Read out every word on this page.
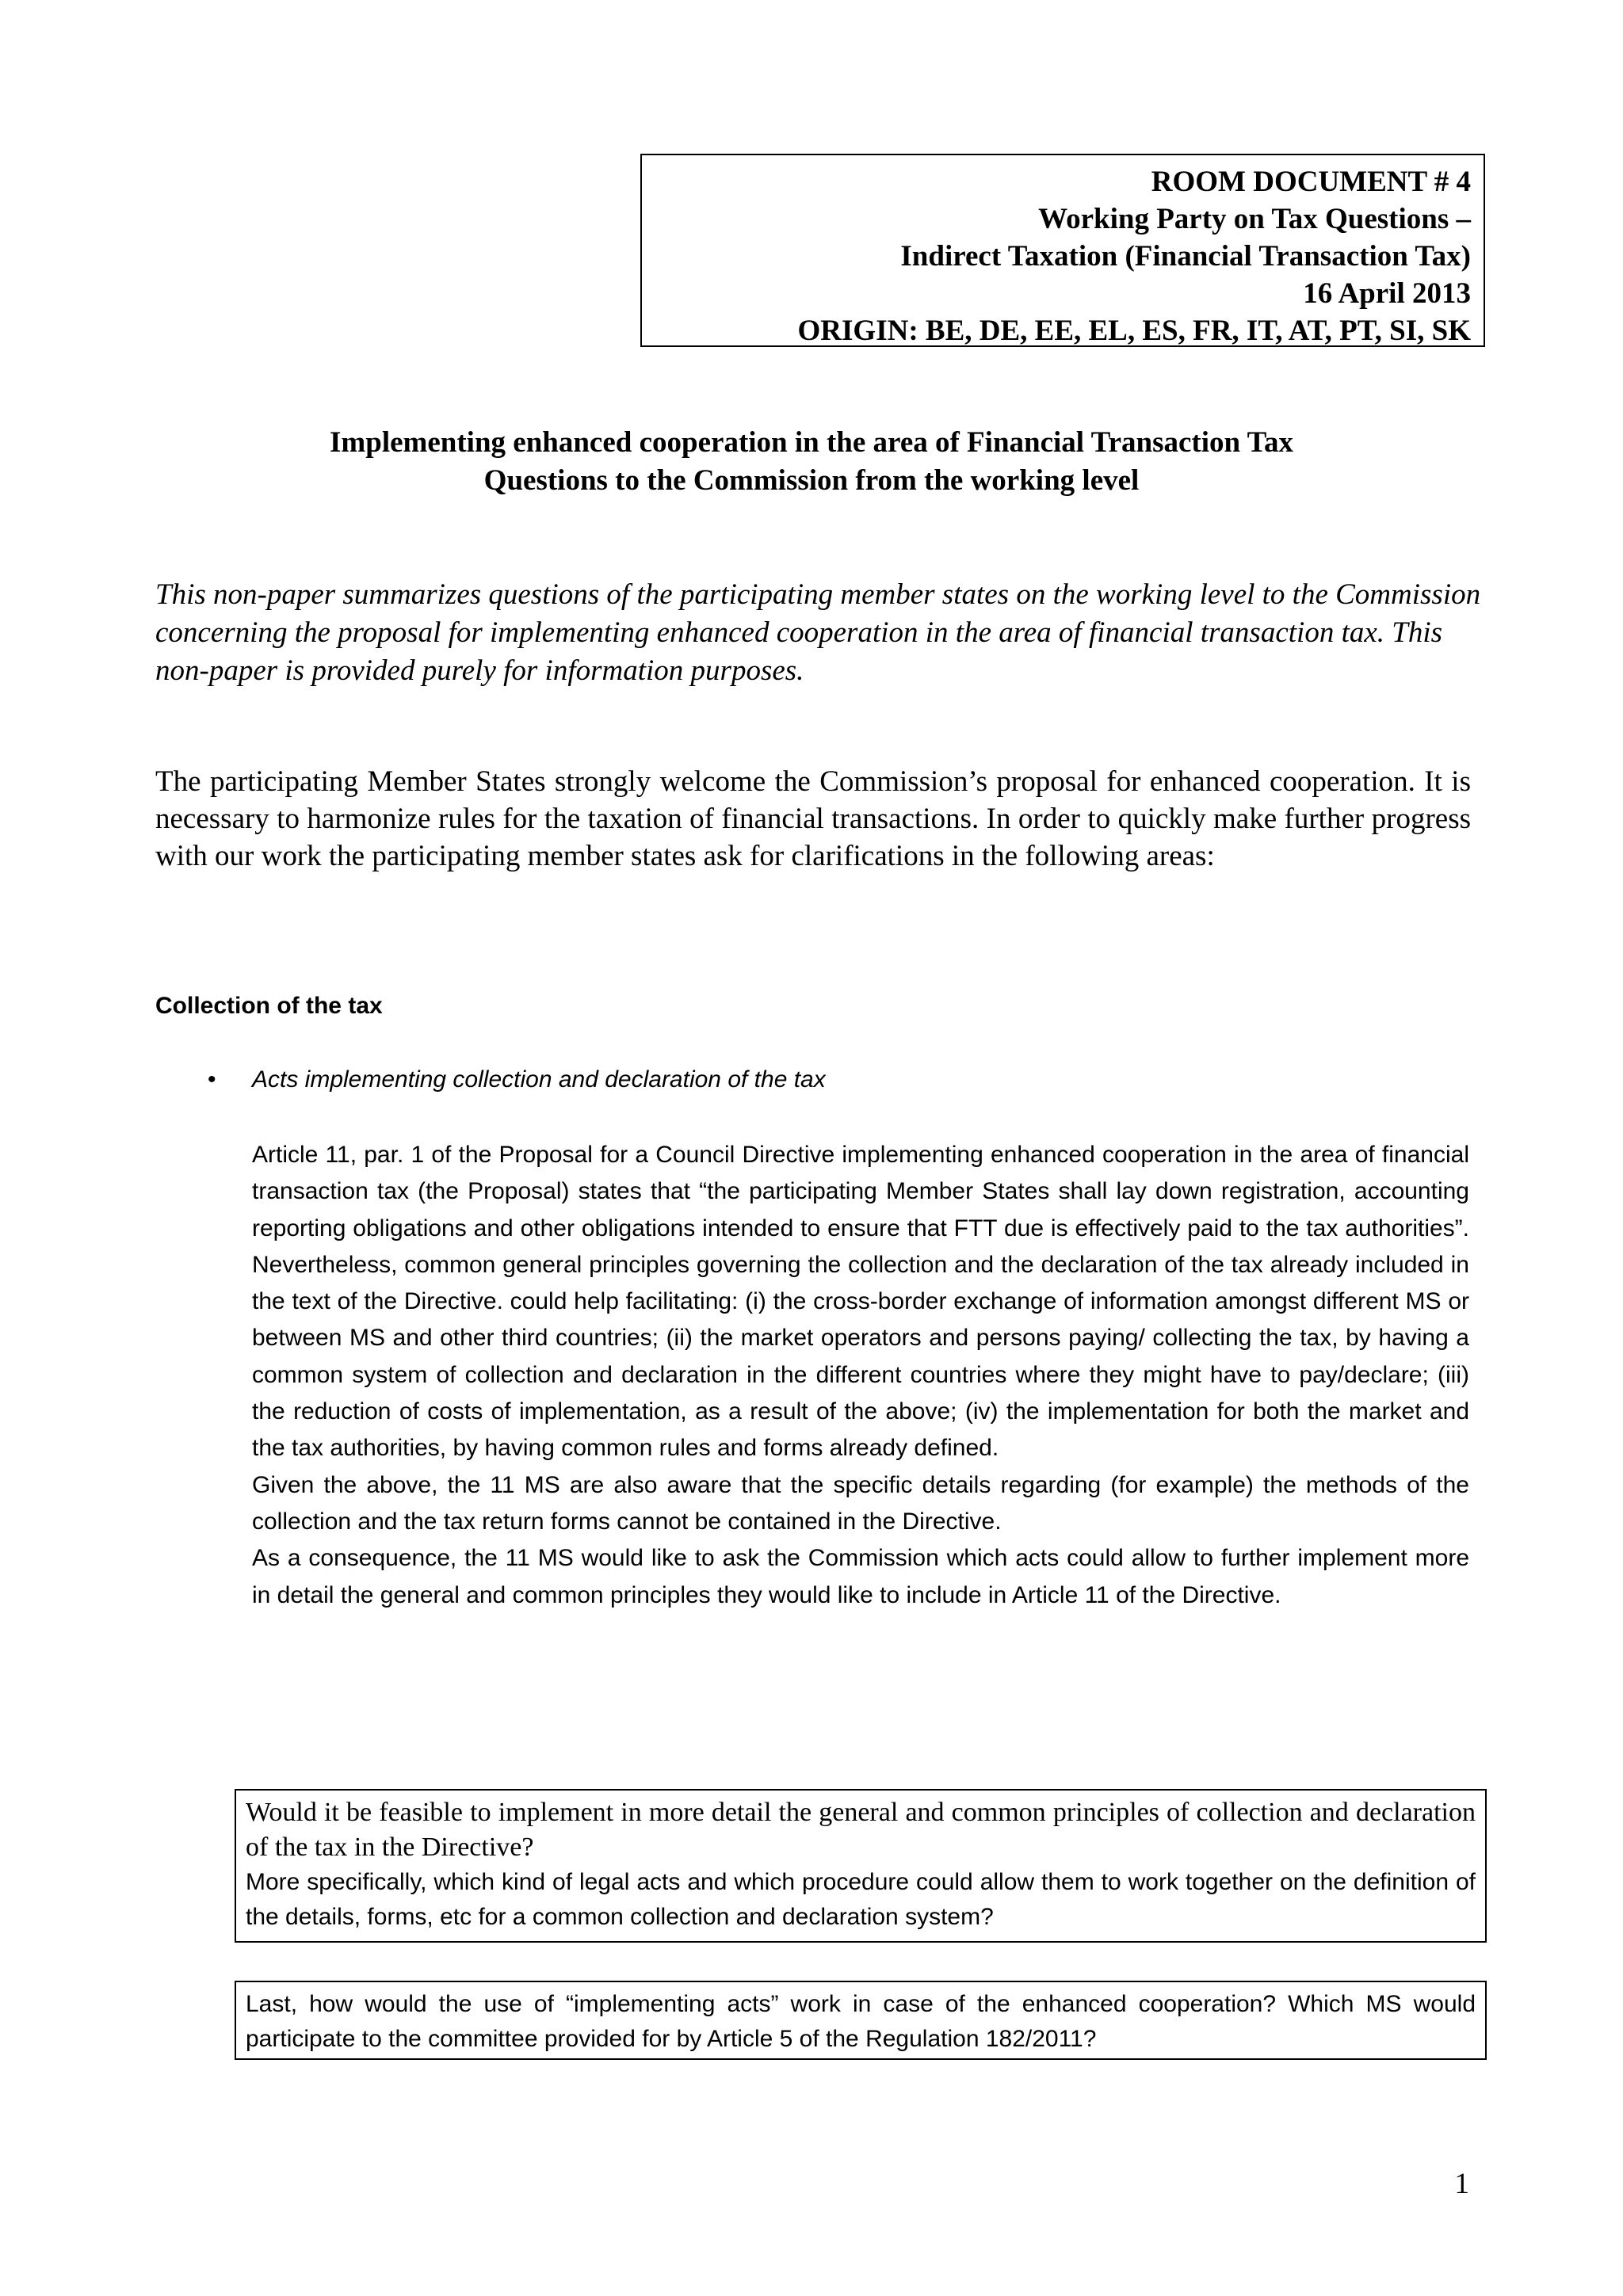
ROOM DOCUMENT # 4
Working Party on Tax Questions –
Indirect Taxation (Financial Transaction Tax)
16 April 2013
ORIGIN: BE, DE, EE, EL, ES, FR, IT, AT, PT, SI, SK
Implementing enhanced cooperation in the area of Financial Transaction Tax
Questions to the Commission from the working level
This non-paper summarizes questions of the participating member states on the working level to the Commission concerning the proposal for implementing enhanced cooperation in the area of financial transaction tax. This non-paper is provided purely for information purposes.
The participating Member States strongly welcome the Commission’s proposal for enhanced cooperation. It is necessary to harmonize rules for the taxation of financial transactions. In order to quickly make further progress with our work the participating member states ask for clarifications in the following areas:
Collection of the tax
• Acts implementing collection and declaration of the tax

Article 11, par. 1 of the Proposal for a Council Directive implementing enhanced cooperation in the area of financial transaction tax (the Proposal) states that “the participating Member States shall lay down registration, accounting reporting obligations and other obligations intended to ensure that FTT due is effectively paid to the tax authorities”. Nevertheless, common general principles governing the collection and the declaration of the tax already included in the text of the Directive. could help facilitating: (i) the cross-border exchange of information amongst different MS or between MS and other third countries; (ii) the market operators and persons paying/ collecting the tax, by having a common system of collection and declaration in the different countries where they might have to pay/declare; (iii) the reduction of costs of implementation, as a result of the above; (iv) the implementation for both the market and the tax authorities, by having common rules and forms already defined.

Given the above, the 11 MS are also aware that the specific details regarding (for example) the methods of the collection and the tax return forms cannot be contained in the Directive.

As a consequence, the 11 MS would like to ask the Commission which acts could allow to further implement more in detail the general and common principles they would like to include in Article 11 of the Directive.

Would it be feasible to implement in more detail the general and common principles of collection and declaration of the tax in the Directive?
More specifically, which kind of legal acts and which procedure could allow them to work together on the definition of the details, forms, etc for a common collection and declaration system?
Last, how would the use of “implementing acts” work in case of the enhanced cooperation? Which MS would participate to the committee provided for by Article 5 of the Regulation 182/2011?
1
